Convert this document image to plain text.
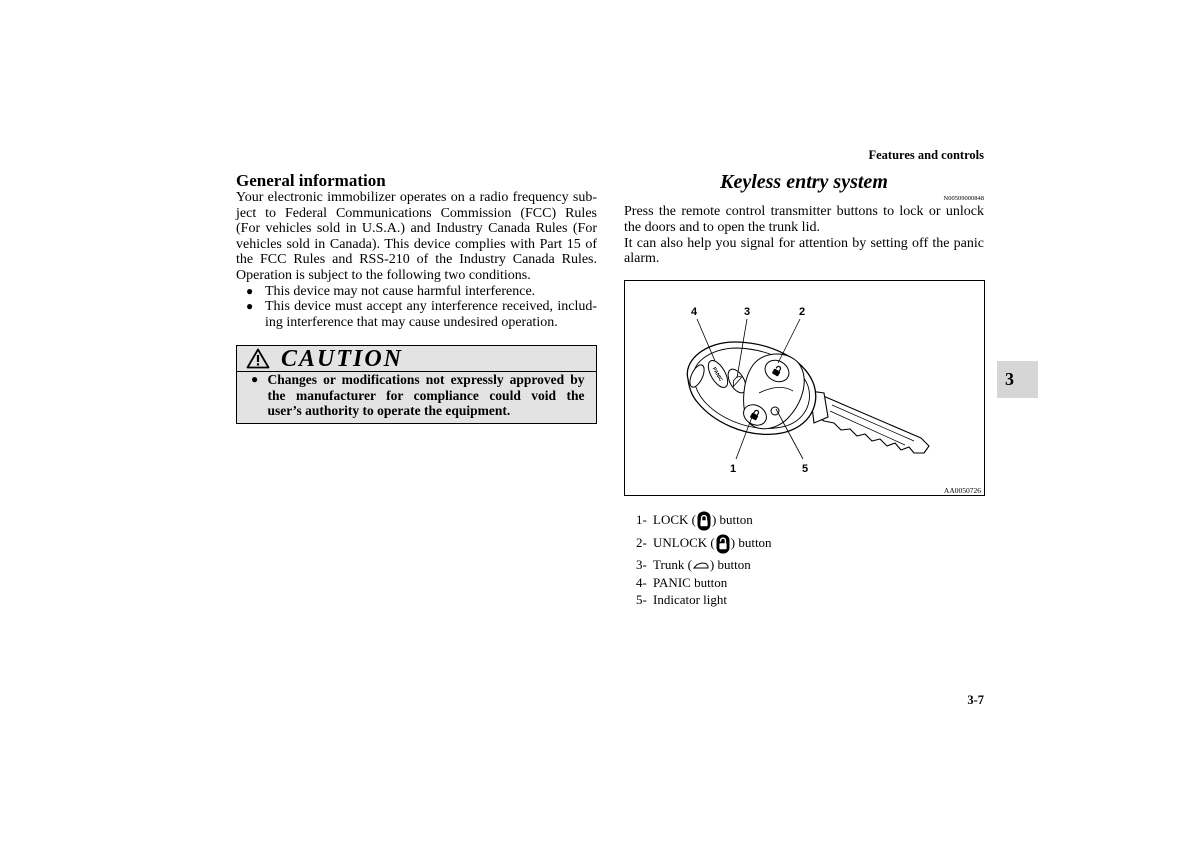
Features and controls
General information
Your electronic immobilizer operates on a radio frequency sub-
ject to Federal Communications Commission (FCC) Rules
(For vehicles sold in U.S.A.) and Industry Canada Rules (For
vehicles sold in Canada). This device complies with Part 15 of
the FCC Rules and RSS-210 of the Industry Canada Rules.
Operation is subject to the following two conditions.
● This device may not cause harmful interference.
● This device must accept any interference received, includ-
ing interference that may cause undesired operation.
CAUTION
● Changes or modifications not expressly approved by
the manufacturer for compliance could void the
user’s authority to operate the equipment.
Keyless entry system
N00509000848
Press the remote control transmitter buttons to lock or unlock
the doors and to open the trunk lid.
It can also help you signal for attention by setting off the panic
alarm.
PANIC
4	3	2
1	5
AA0050726
1- LOCK ( ) button
2- UNLOCK ( ) button
3- Trunk ( ) button
4- PANIC button
5- Indicator light
3
3-7
